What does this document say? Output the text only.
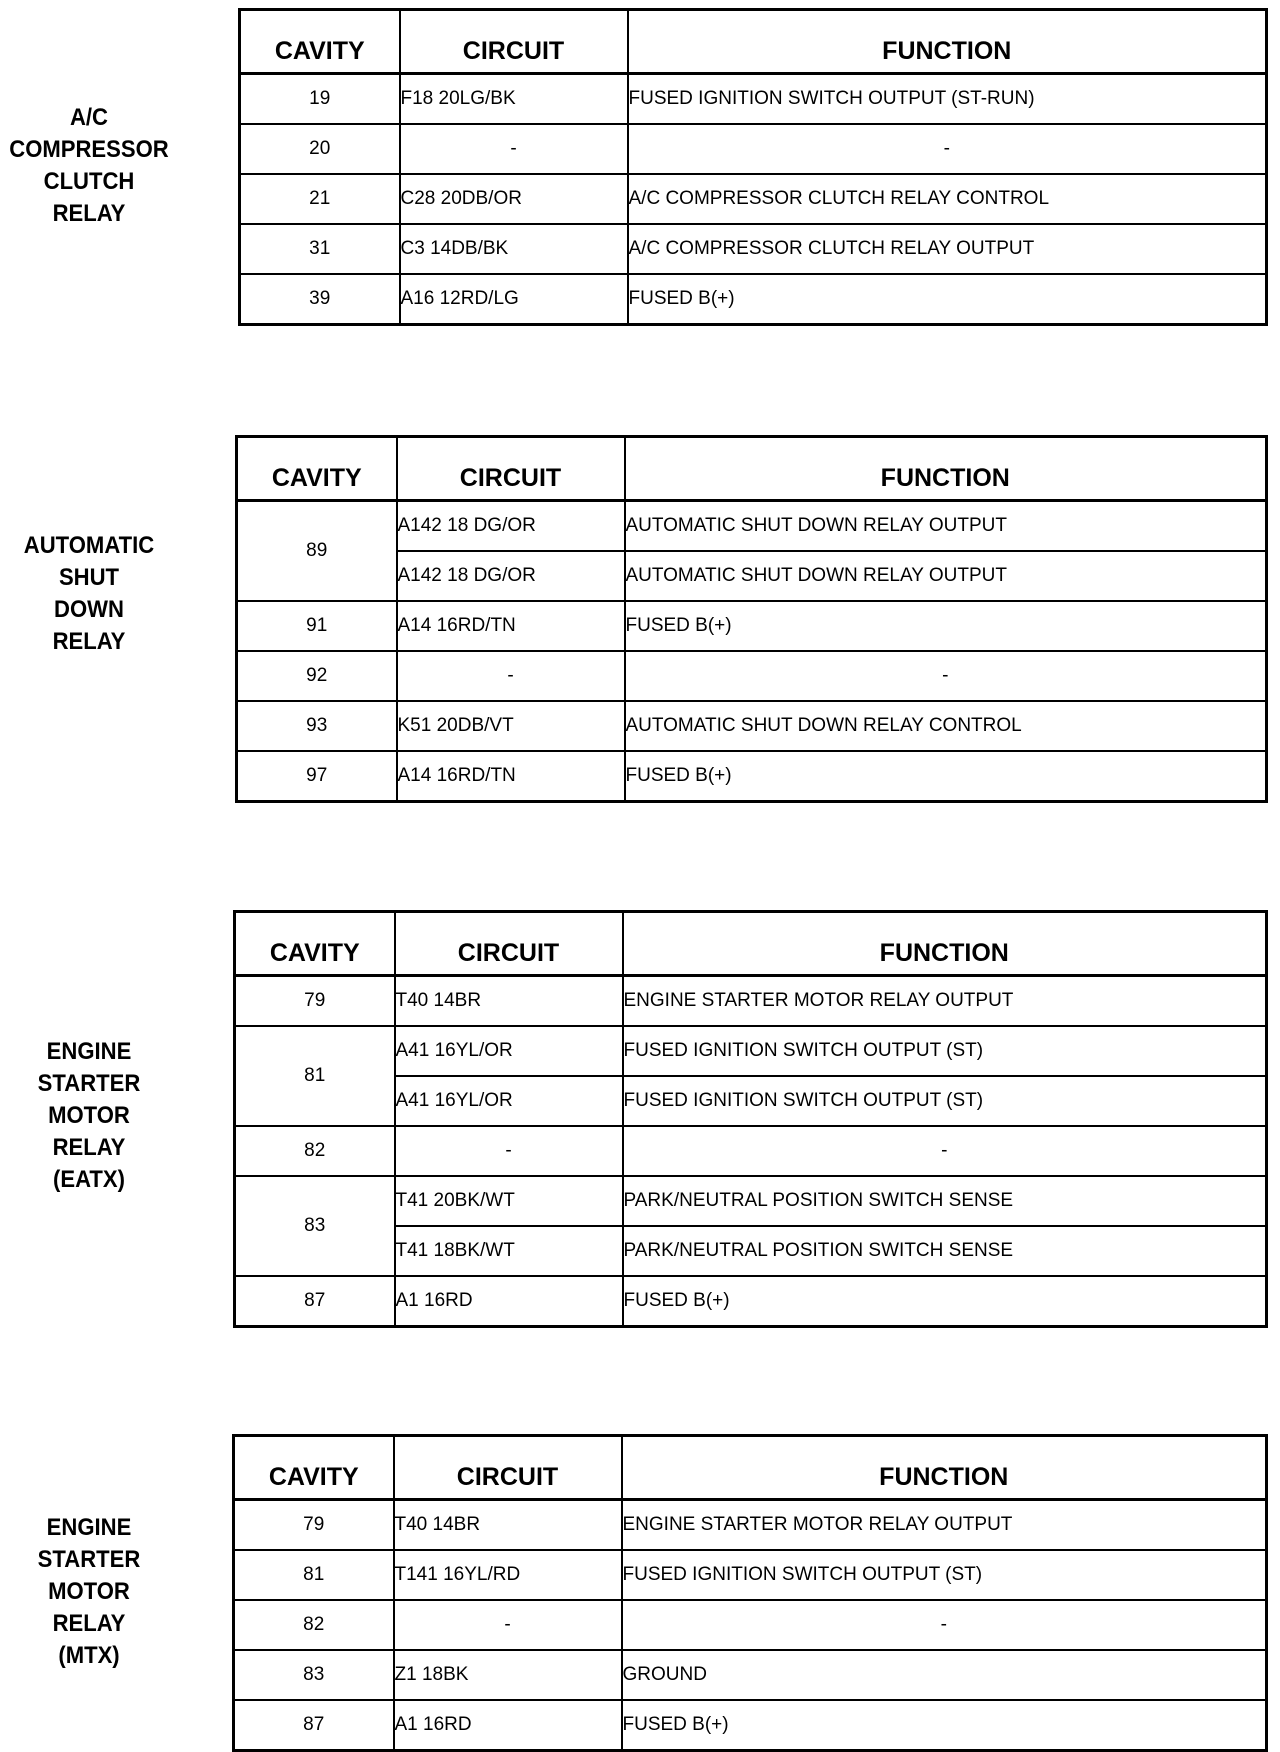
A/C
COMPRESSOR
CLUTCH
RELAY
CAVITY	CIRCUIT	FUNCTION
19	F18 20LG/BK	FUSED IGNITION SWITCH OUTPUT (ST-RUN)
20	-	-
21	C28 20DB/OR	A/C COMPRESSOR CLUTCH RELAY CONTROL
31	C3 14DB/BK	A/C COMPRESSOR CLUTCH RELAY OUTPUT
39	A16 12RD/LG	FUSED B(+)
AUTOMATIC
SHUT
DOWN
RELAY
CAVITY	CIRCUIT	FUNCTION
89	A142 18 DG/OR	AUTOMATIC SHUT DOWN RELAY OUTPUT
	A142 18 DG/OR	AUTOMATIC SHUT DOWN RELAY OUTPUT
91	A14 16RD/TN	FUSED B(+)
92	-	-
93	K51 20DB/VT	AUTOMATIC SHUT DOWN RELAY CONTROL
97	A14 16RD/TN	FUSED B(+)
ENGINE
STARTER
MOTOR
RELAY
(EATX)
CAVITY	CIRCUIT	FUNCTION
79	T40 14BR	ENGINE STARTER MOTOR RELAY OUTPUT
81	A41 16YL/OR	FUSED IGNITION SWITCH OUTPUT (ST)
	A41 16YL/OR	FUSED IGNITION SWITCH OUTPUT (ST)
82	-	-
83	T41 20BK/WT	PARK/NEUTRAL POSITION SWITCH SENSE
	T41 18BK/WT	PARK/NEUTRAL POSITION SWITCH SENSE
87	A1 16RD	FUSED B(+)
ENGINE
STARTER
MOTOR
RELAY
(MTX)
CAVITY	CIRCUIT	FUNCTION
79	T40 14BR	ENGINE STARTER MOTOR RELAY OUTPUT
81	T141 16YL/RD	FUSED IGNITION SWITCH OUTPUT (ST)
82	-	-
83	Z1 18BK	GROUND
87	A1 16RD	FUSED B(+)
